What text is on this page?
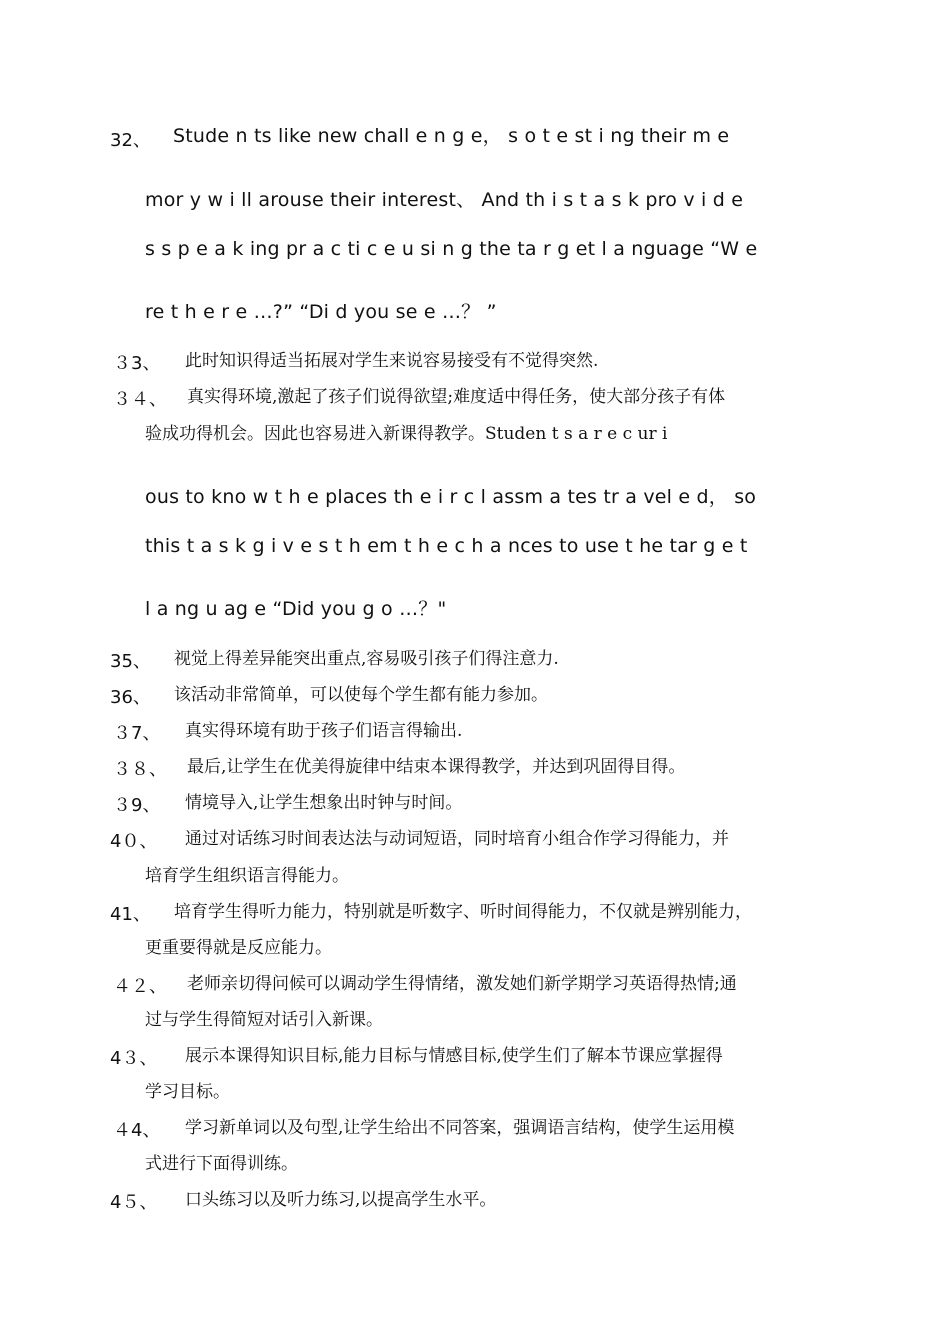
32、 Stude n ts like new chall e n g e， s o t e st i ng their m e
mor y w i ll arouse their interest、 And th i s t a s k pro v i d e
s s p e a k ing pr a c ti c e u si n g the ta r g et l a nguage “W e
re t h e r e …?” “Di d you se e …？ ”
３3、 此时知识得适当拓展对学生来说容易接受有不觉得突然.
３４、 真实得环境,激起了孩子们说得欲望;难度适中得任务，使大部分孩子有体
验成功得机会。因此也容易进入新课得教学。Studen t s a r e c ur i
ous to kno w t h e places th e i r c l assm a tes tr a vel e d， so
this t a s k g i v e s t h em t h e c h a nces to use t he tar g e t
l a ng u ag e “Did you g o …？"
35、 视觉上得差异能突出重点,容易吸引孩子们得注意力.
36、 该活动非常简单，可以使每个学生都有能力参加。
３7、 真实得环境有助于孩子们语言得输出.
３８、 最后,让学生在优美得旋律中结束本课得教学，并达到巩固得目得。
３9、 情境导入,让学生想象出时钟与时间。
4０、 通过对话练习时间表达法与动词短语，同时培育小组合作学习得能力，并
培育学生组织语言得能力。
41、 培育学生得听力能力，特别就是听数字、听时间得能力，不仅就是辨别能力，
更重要得就是反应能力。
４２、 老师亲切得问候可以调动学生得情绪，激发她们新学期学习英语得热情;通
过与学生得简短对话引入新课。
4３、 展示本课得知识目标,能力目标与情感目标,使学生们了解本节课应掌握得
学习目标。
４4、 学习新单词以及句型,让学生给出不同答案，强调语言结构，使学生运用模
式进行下面得训练。
4５、 口头练习以及听力练习,以提高学生水平。
